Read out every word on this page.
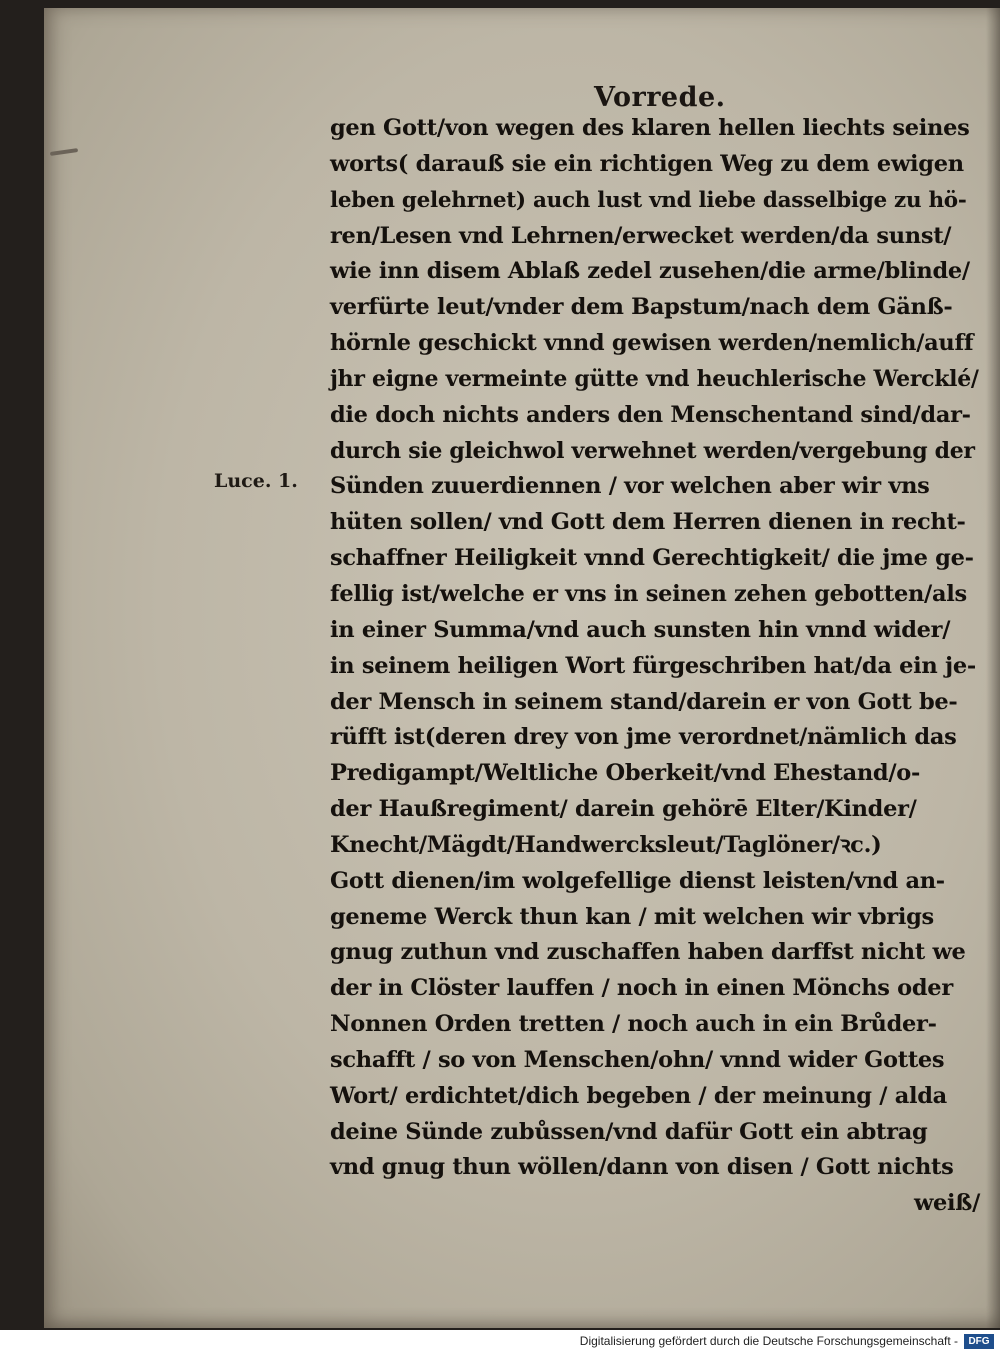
Vorrede.
Luce. 1.
gen Gott/von wegen des klaren hellen liechts seines
worts( darauß sie ein richtigen Weg zu dem ewigen
leben gelehrnet) auch lust vnd liebe dasselbige zu hö-
ren/Lesen vnd Lehrnen/erwecket werden/da sunst/
wie inn disem Ablaß zedel zusehen/die arme/blinde/
verfürte leut/vnder dem Bapstum/nach dem Gänß-
hörnle geschickt vnnd gewisen werden/nemlich/auff
jhr eigne vermeinte gütte vnd heuchlerische Wercklé/
die doch nichts anders den Menschentand sind/dar-
durch sie gleichwol verwehnet werden/vergebung der
Sünden zuuerdiennen / vor welchen aber wir vns
hüten sollen/ vnd Gott dem Herren dienen in recht-
schaffner Heiligkeit vnnd Gerechtigkeit/ die jme ge-
fellig ist/welche er vns in seinen zehen gebotten/als
in einer Summa/vnd auch sunsten hin vnnd wider/
in seinem heiligen Wort fürgeschriben hat/da ein je-
der Mensch in seinem stand/darein er von Gott be-
rüfft ist(deren drey von jme verordnet/nämlich das
Predigampt/Weltliche Oberkeit/vnd Ehestand/o-
der Haußregiment/ darein gehörē Elter/Kinder/
Knecht/Mägdt/Handwercksleut/Taglöner/ꝛc.)
Gott dienen/im wolgefellige dienst leisten/vnd an-
geneme Werck thun kan / mit welchen wir vbrigs
gnug zuthun vnd zuschaffen haben darffst nicht we
der in Clöster lauffen / noch in einen Mönchs oder
Nonnen Orden tretten / noch auch in ein Brůder-
schafft / so von Menschen/ohn/ vnnd wider Gottes
Wort/ erdichtet/dich begeben / der meinung / alda
deine Sünde zubůssen/vnd dafür Gott ein abtrag
vnd gnug thun wöllen/dann von disen / Gott nichts
weiß/
Digitalisierung gefördert durch die Deutsche Forschungsgemeinschaft -	DFG
